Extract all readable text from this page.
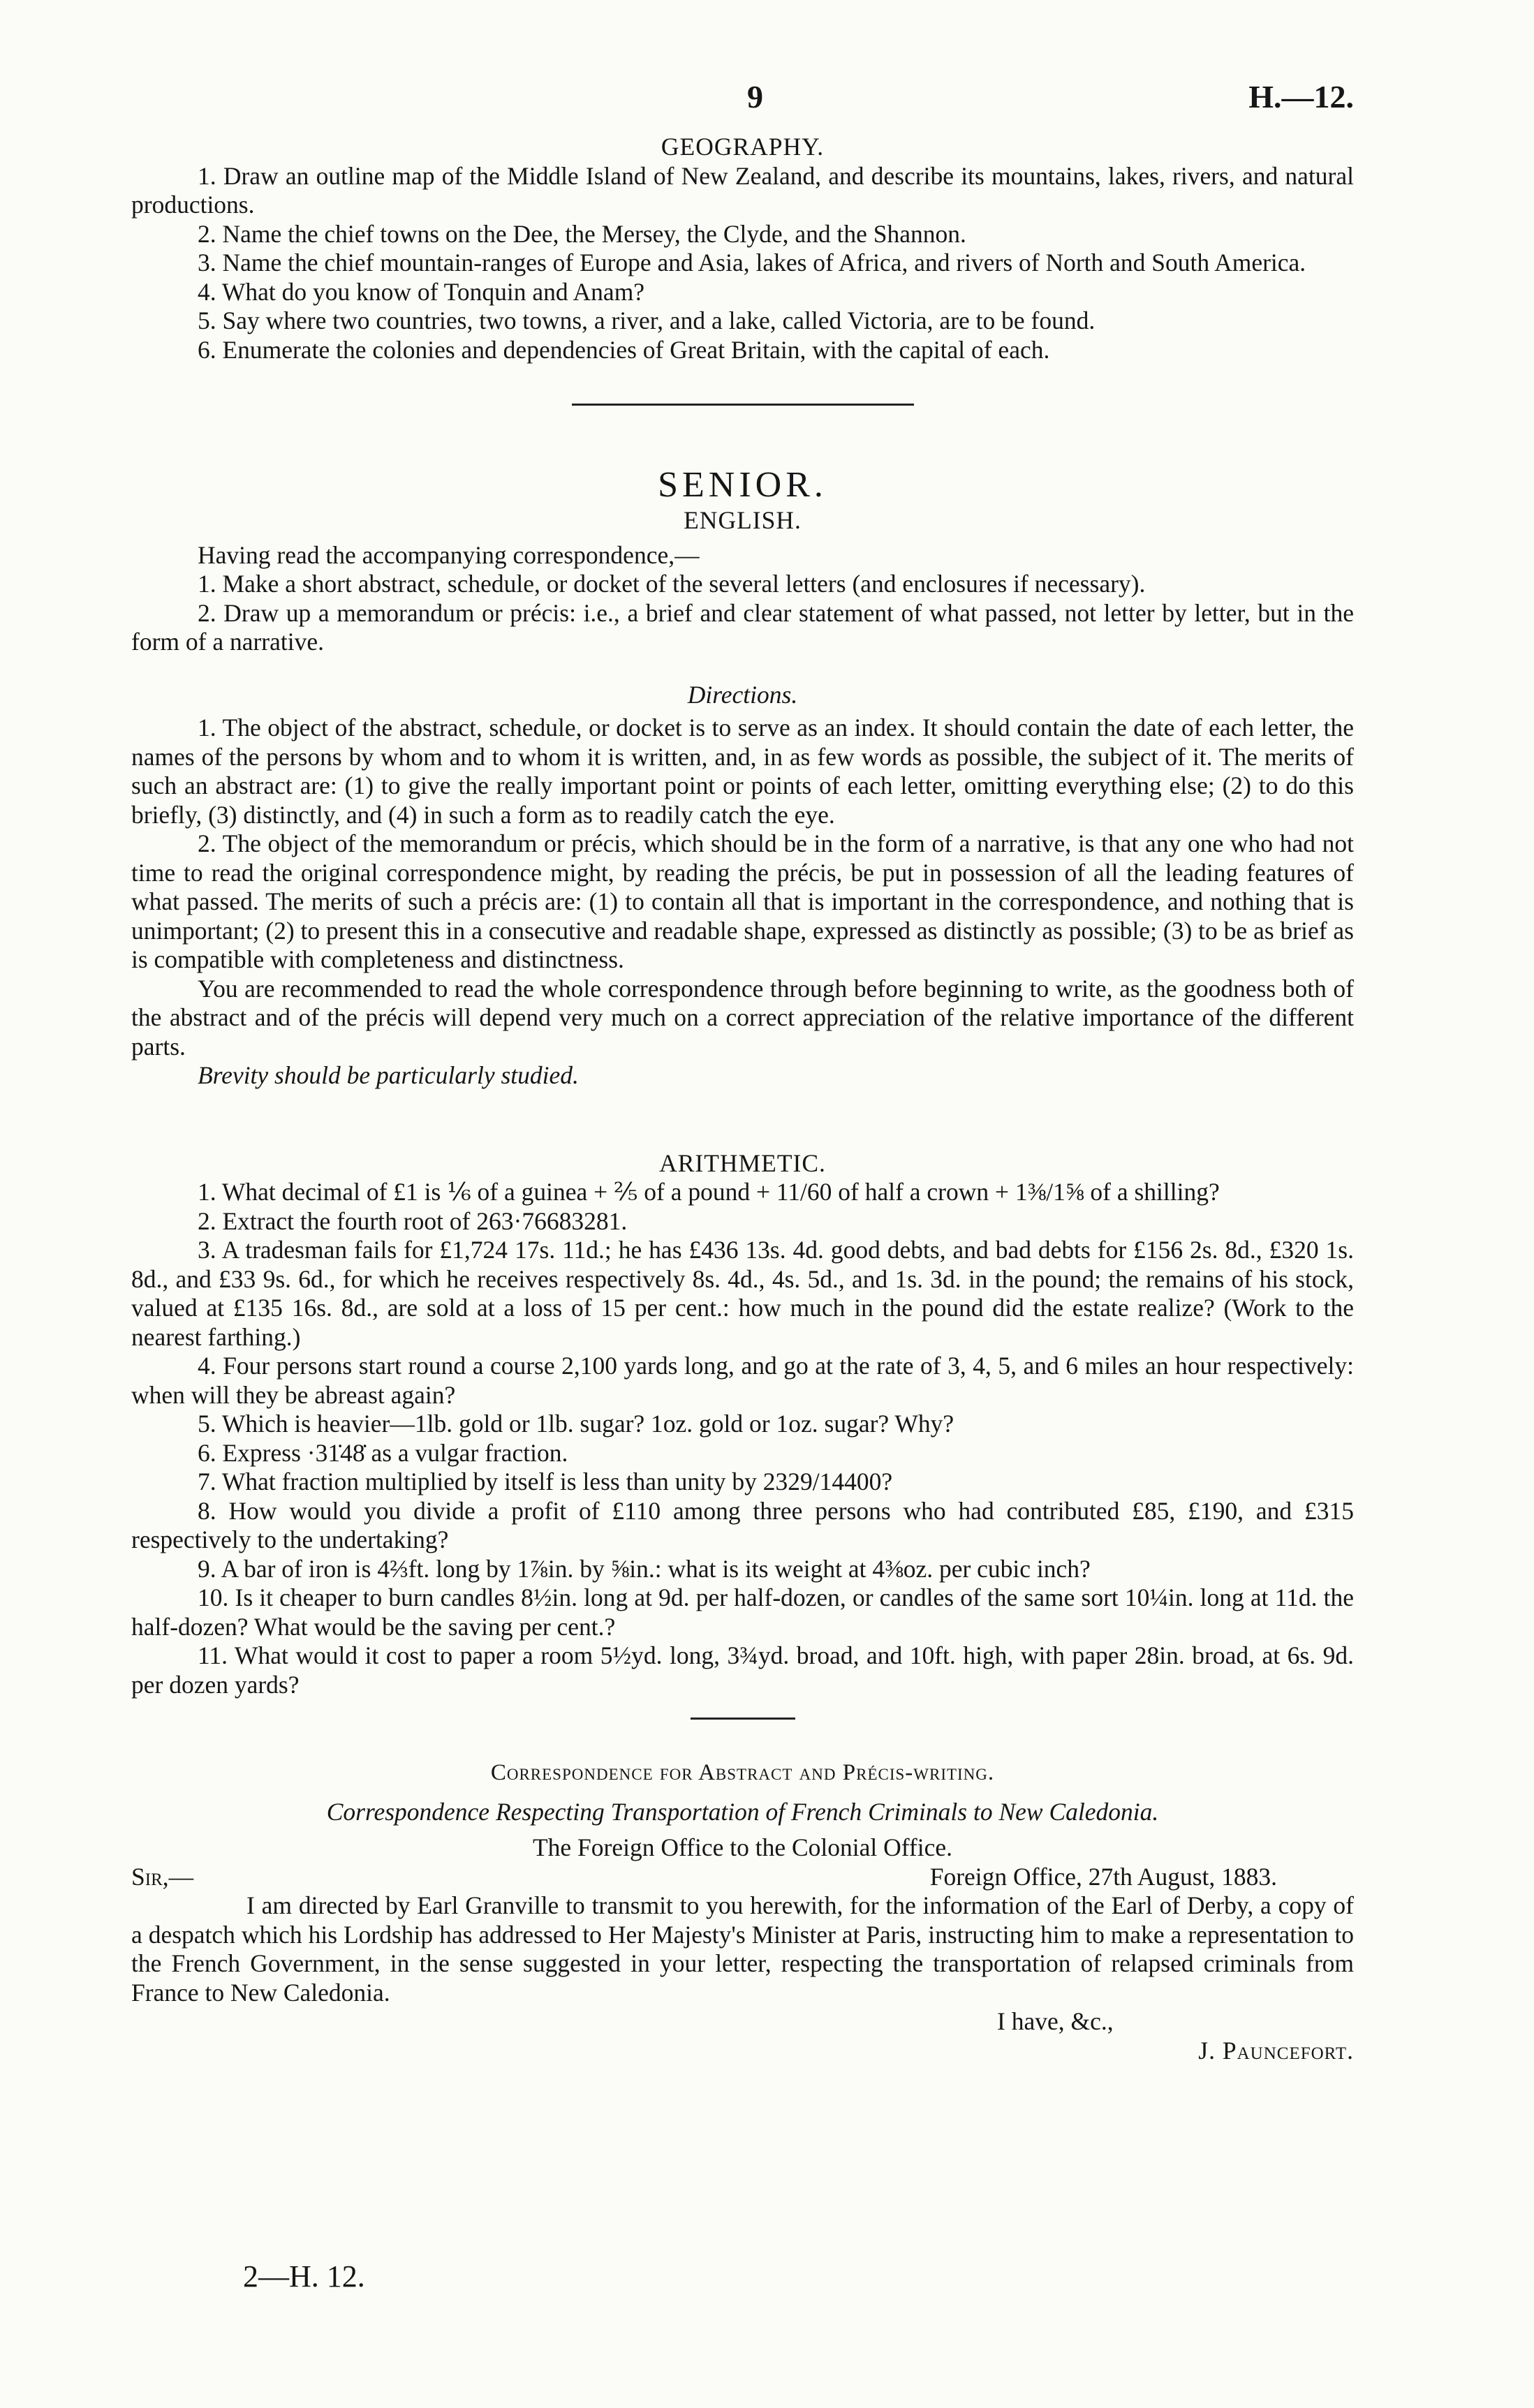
9	H.—12.
GEOGRAPHY.

1. Draw an outline map of the Middle Island of New Zealand, and describe its mountains, lakes, rivers, and natural productions.

2. Name the chief towns on the Dee, the Mersey, the Clyde, and the Shannon.

3. Name the chief mountain-ranges of Europe and Asia, lakes of Africa, and rivers of North and South America.

4. What do you know of Tonquin and Anam?

5. Say where two countries, two towns, a river, and a lake, called Victoria, are to be found.

6. Enumerate the colonies and dependencies of Great Britain, with the capital of each.

SENIOR.
ENGLISH.

Having read the accompanying correspondence,—

1. Make a short abstract, schedule, or docket of the several letters (and enclosures if necessary).

2. Draw up a memorandum or précis: i.e., a brief and clear statement of what passed, not letter by letter, but in the form of a narrative.

Directions.

1. The object of the abstract, schedule, or docket is to serve as an index. It should contain the date of each letter, the names of the persons by whom and to whom it is written, and, in as few words as possible, the subject of it. The merits of such an abstract are: (1) to give the really important point or points of each letter, omitting everything else; (2) to do this briefly, (3) distinctly, and (4) in such a form as to readily catch the eye.

2. The object of the memorandum or précis, which should be in the form of a narrative, is that any one who had not time to read the original correspondence might, by reading the précis, be put in possession of all the leading features of what passed. The merits of such a précis are: (1) to contain all that is important in the correspondence, and nothing that is unimportant; (2) to present this in a consecutive and readable shape, expressed as distinctly as possible; (3) to be as brief as is compatible with completeness and distinctness.

You are recommended to read the whole correspondence through before beginning to write, as the goodness both of the abstract and of the précis will depend very much on a correct appreciation of the relative importance of the different parts.

Brevity should be particularly studied.

ARITHMETIC.

1. What decimal of £1 is ⅙ of a guinea + ⅖ of a pound + 11/60 of half a crown + 1⅜/1⅝ of a shilling?

2. Extract the fourth root of 263·76683281.

3. A tradesman fails for £1,724 17s. 11d.; he has £436 13s. 4d. good debts, and bad debts for £156 2s. 8d., £320 1s. 8d., and £33 9s. 6d., for which he receives respectively 8s. 4d., 4s. 5d., and 1s. 3d. in the pound; the remains of his stock, valued at £135 16s. 8d., are sold at a loss of 15 per cent.: how much in the pound did the estate realize? (Work to the nearest farthing.)

4. Four persons start round a course 2,100 yards long, and go at the rate of 3, 4, 5, and 6 miles an hour respectively: when will they be abreast again?

5. Which is heavier—1lb. gold or 1lb. sugar? 1oz. gold or 1oz. sugar? Why?

6. Express ·31̇48̇ as a vulgar fraction.

7. What fraction multiplied by itself is less than unity by 2329/14400?

8. How would you divide a profit of £110 among three persons who had contributed £85, £190, and £315 respectively to the undertaking?

9. A bar of iron is 4⅔ft. long by 1⅞in. by ⅝in.: what is its weight at 4⅜oz. per cubic inch?

10. Is it cheaper to burn candles 8½in. long at 9d. per half-dozen, or candles of the same sort 10¼in. long at 11d. the half-dozen? What would be the saving per cent.?

11. What would it cost to paper a room 5½yd. long, 3¾yd. broad, and 10ft. high, with paper 28in. broad, at 6s. 9d. per dozen yards?

Correspondence for Abstract and Précis-writing.

Correspondence Respecting Transportation of French Criminals to New Caledonia.

The Foreign Office to the Colonial Office.

Sir,—	Foreign Office, 27th August, 1883.

I am directed by Earl Granville to transmit to you herewith, for the information of the Earl of Derby, a copy of a despatch which his Lordship has addressed to Her Majesty's Minister at Paris, instructing him to make a representation to the French Government, in the sense suggested in your letter, respecting the transportation of relapsed criminals from France to New Caledonia.

I have, &c.,

J. Pauncefort.

2—H. 12.
